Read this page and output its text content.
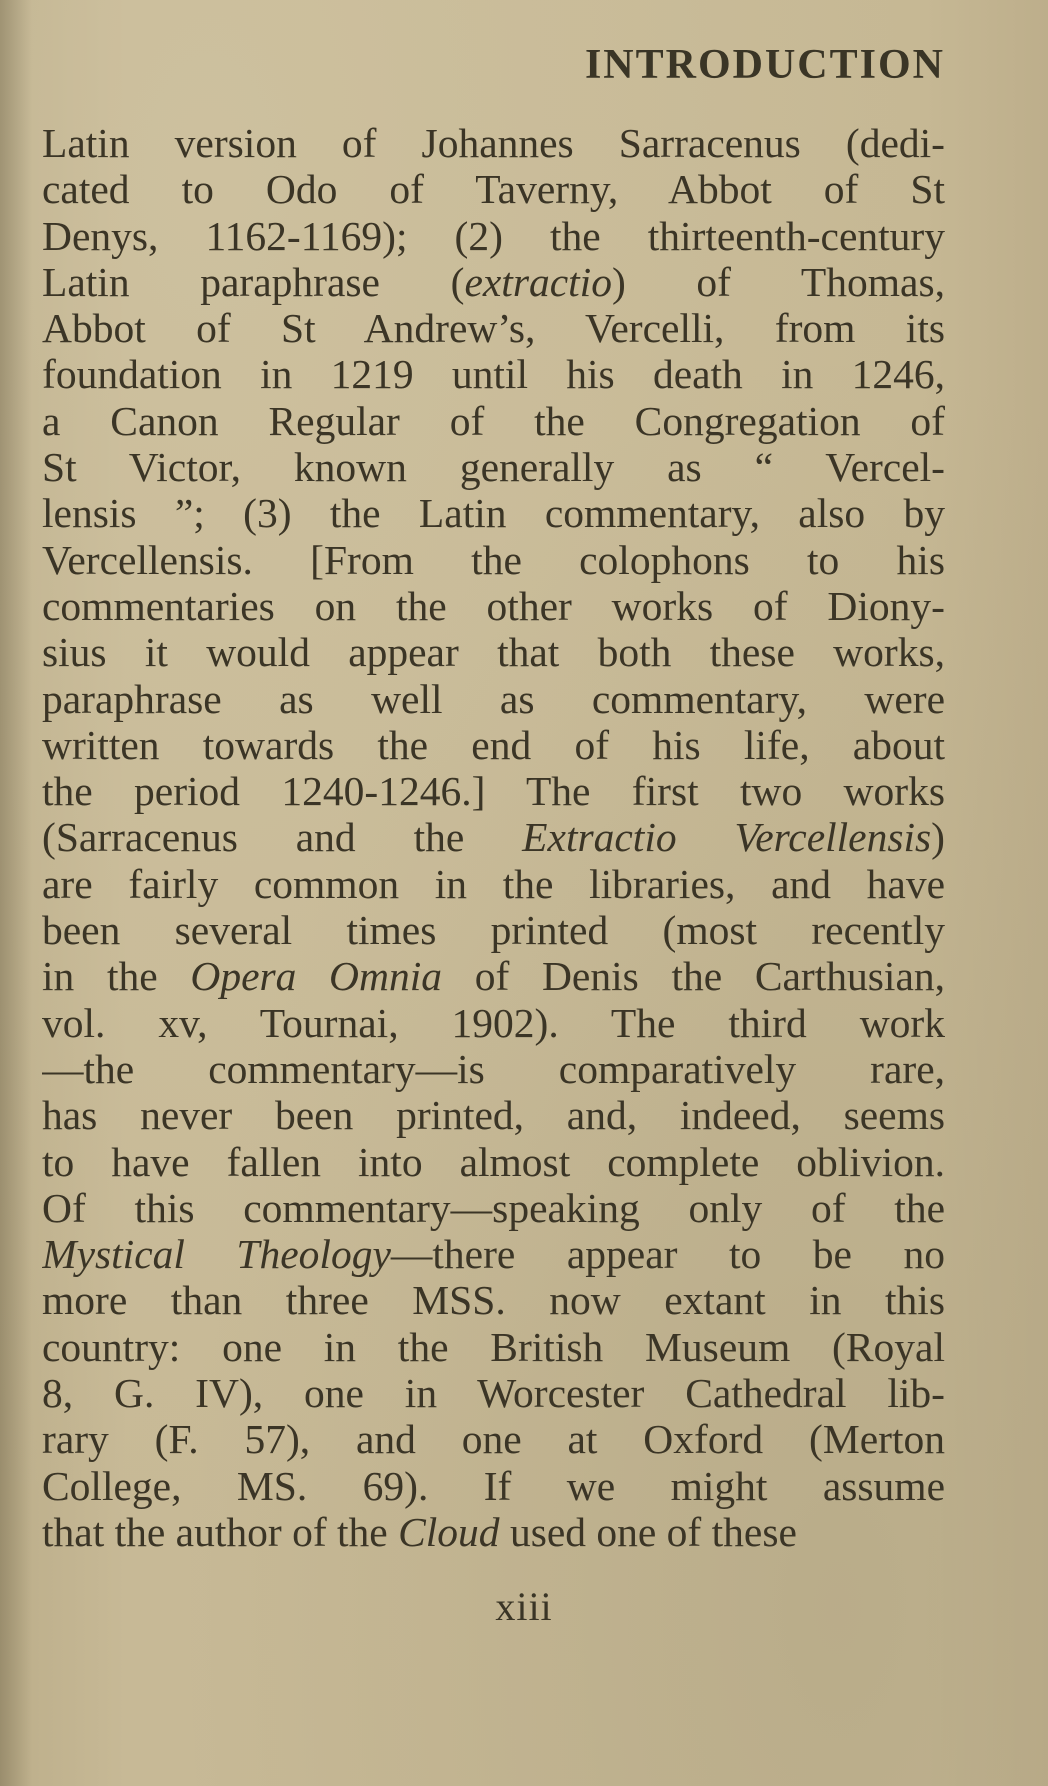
INTRODUCTION
Latin version of Johannes Sarracenus (dedi-
cated to Odo of Taverny, Abbot of St
Denys, 1162-1169); (2) the thirteenth-century
Latin paraphrase (extractio) of Thomas,
Abbot of St Andrew’s, Vercelli, from its
foundation in 1219 until his death in 1246,
a Canon Regular of the Congregation of
St Victor, known generally as “ Vercel-
lensis ”; (3) the Latin commentary, also by
Vercellensis. [From the colophons to his
commentaries on the other works of Diony-
sius it would appear that both these works,
paraphrase as well as commentary, were
written towards the end of his life, about
the period 1240-1246.] The first two works
(Sarracenus and the Extractio Vercellensis)
are fairly common in the libraries, and have
been several times printed (most recently
in the Opera Omnia of Denis the Carthusian,
vol. xv, Tournai, 1902). The third work
—the commentary—is comparatively rare,
has never been printed, and, indeed, seems
to have fallen into almost complete oblivion.
Of this commentary—speaking only of the
Mystical Theology—there appear to be no
more than three MSS. now extant in this
country: one in the British Museum (Royal
8, G. IV), one in Worcester Cathedral lib-
rary (F. 57), and one at Oxford (Merton
College, MS. 69). If we might assume
that the author of the Cloud used one of these
xiii
